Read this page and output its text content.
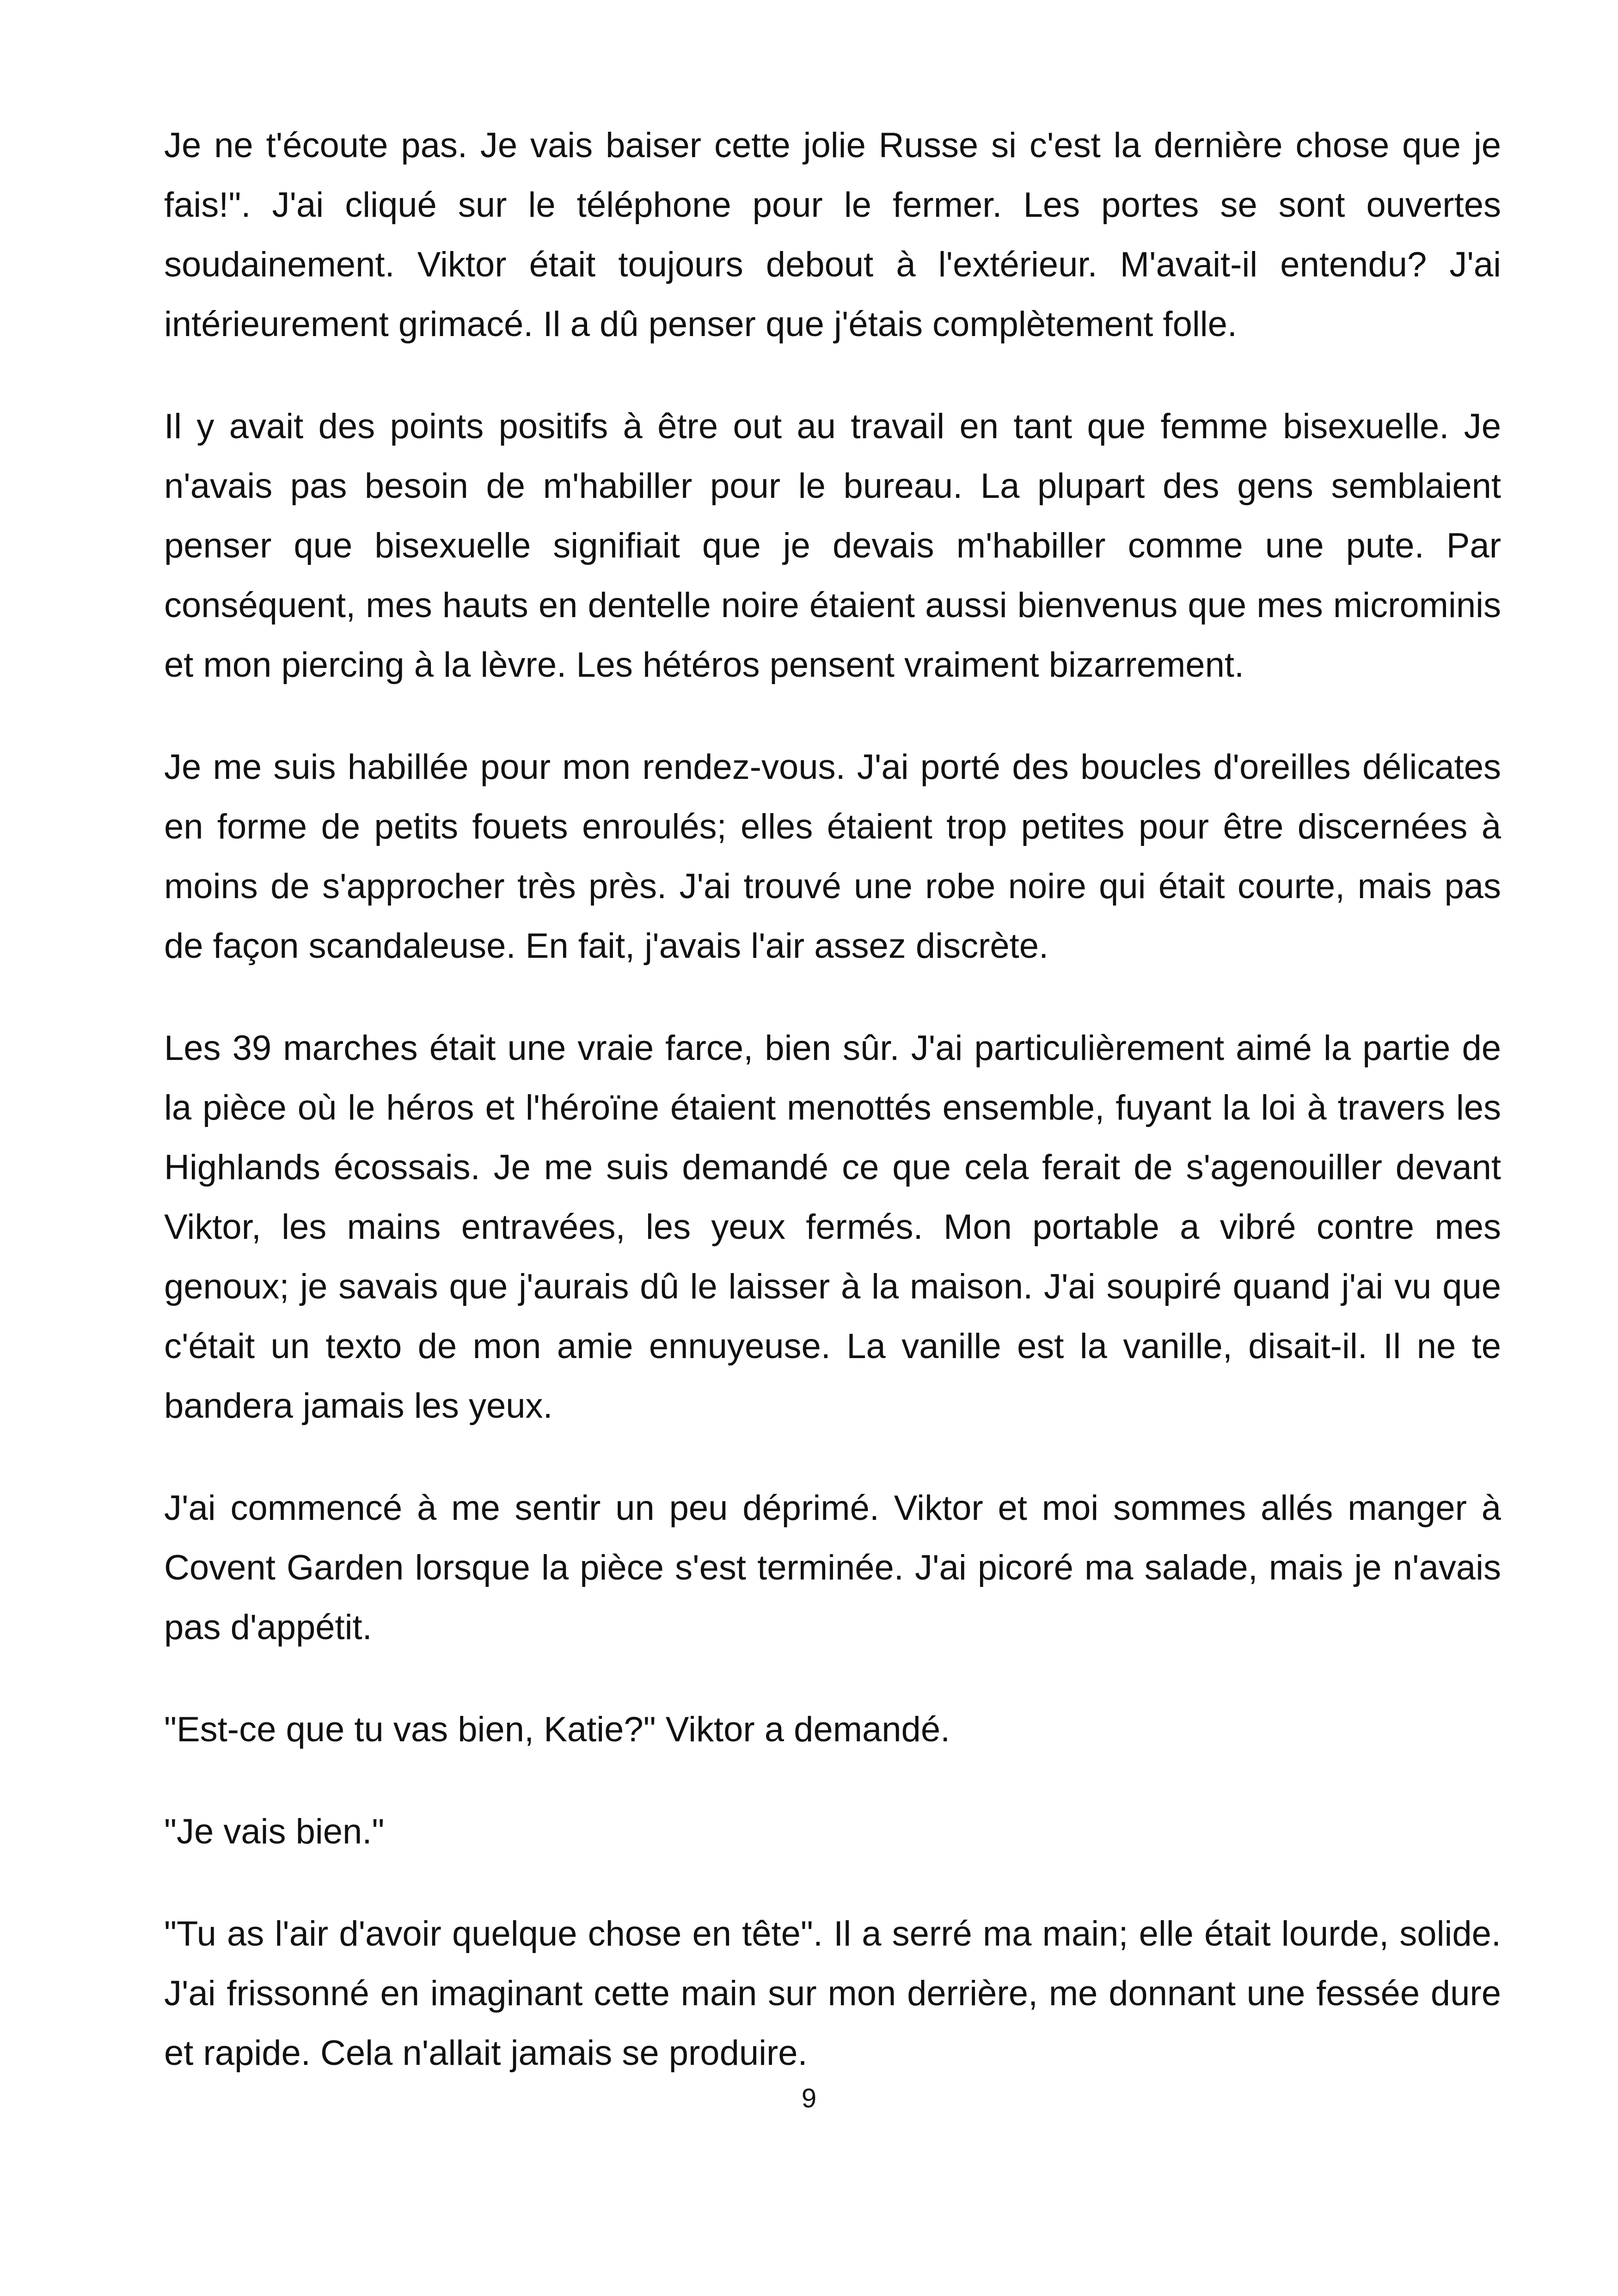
Je ne t'écoute pas. Je vais baiser cette jolie Russe si c'est la dernière chose que je fais!". J'ai cliqué sur le téléphone pour le fermer. Les portes se sont ouvertes soudainement. Viktor était toujours debout à l'extérieur. M'avait-il entendu? J'ai intérieurement grimacé. Il a dû penser que j'étais complètement folle.

Il y avait des points positifs à être out au travail en tant que femme bisexuelle. Je n'avais pas besoin de m'habiller pour le bureau. La plupart des gens semblaient penser que bisexuelle signifiait que je devais m'habiller comme une pute. Par conséquent, mes hauts en dentelle noire étaient aussi bienvenus que mes microminis et mon piercing à la lèvre. Les hétéros pensent vraiment bizarrement.

Je me suis habillée pour mon rendez-vous. J'ai porté des boucles d'oreilles délicates en forme de petits fouets enroulés; elles étaient trop petites pour être discernées à moins de s'approcher très près. J'ai trouvé une robe noire qui était courte, mais pas de façon scandaleuse. En fait, j'avais l'air assez discrète.

Les 39 marches était une vraie farce, bien sûr. J'ai particulièrement aimé la partie de la pièce où le héros et l'héroïne étaient menottés ensemble, fuyant la loi à travers les Highlands écossais. Je me suis demandé ce que cela ferait de s'agenouiller devant Viktor, les mains entravées, les yeux fermés. Mon portable a vibré contre mes genoux; je savais que j'aurais dû le laisser à la maison. J'ai soupiré quand j'ai vu que c'était un texto de mon amie ennuyeuse. La vanille est la vanille, disait-il. Il ne te bandera jamais les yeux.

J'ai commencé à me sentir un peu déprimé. Viktor et moi sommes allés manger à Covent Garden lorsque la pièce s'est terminée. J'ai picoré ma salade, mais je n'avais pas d'appétit.

"Est-ce que tu vas bien, Katie?" Viktor a demandé.

"Je vais bien."

"Tu as l'air d'avoir quelque chose en tête". Il a serré ma main; elle était lourde, solide. J'ai frissonné en imaginant cette main sur mon derrière, me donnant une fessée dure et rapide. Cela n'allait jamais se produire.

9
